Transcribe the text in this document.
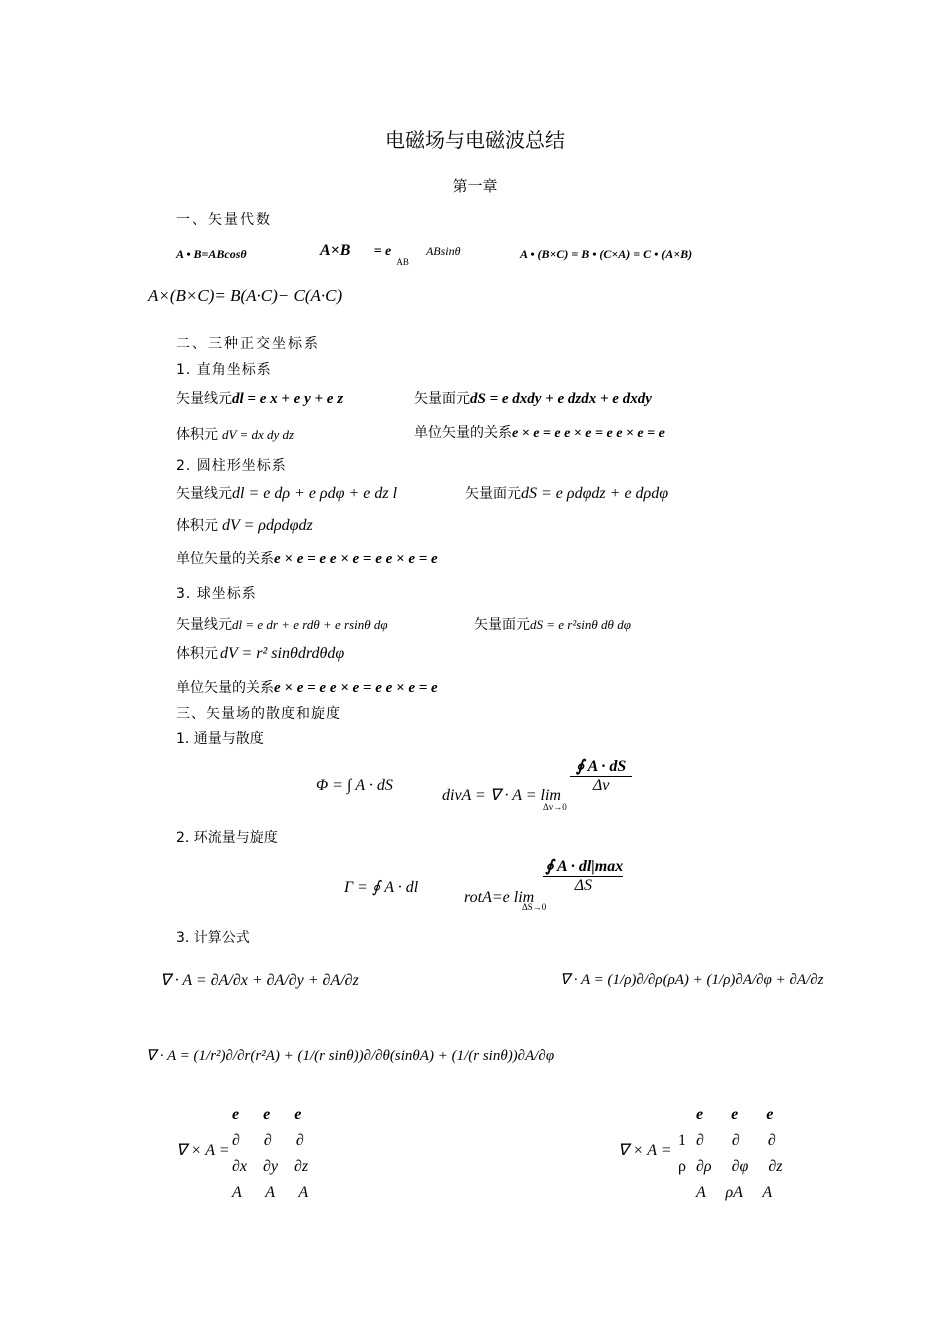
电磁场与电磁波总结
第一章
一、矢量代数
A • B=ABcosθ	A×B = e $_{AB}$ ABsinθ	A • (B×C) = B • (C×A) = C • (A×B)
A×(B×C)= B(A·C)− C(A·C)
二、三种正交坐标系
1. 直角坐标系
矢量线元dl = e x + e y + e z	矢量面元dS = e dxdy + e dzdx + e dxdy
体积元 dV = dx dy dz	单位矢量的关系e × e = e e × e = e e × e = e
2. 圆柱形坐标系
矢量线元dl = e dρ + e ρdφ + e dz l	矢量面元dS = e ρdφdz + e dρdφ
体积元 dV = ρdρdφdz
单位矢量的关系e × e = e e × e = e e × e = e
3. 球坐标系
矢量线元dl = e dr + e rdθ + e rsinθ dφ	矢量面元dS = e r²sinθ dθ dφ
体积元 dV = r² sinθdrdθdφ
单位矢量的关系e × e = e e × e = e e × e = e
三、矢量场的散度和旋度
1. 通量与散度
Φ = ∫ A · dS
divA = ∇ · A = lim
$\frac{∮ A \cdot dS}{\Delta v}$
Δv→0
2. 环流量与旋度
Γ = ∮ A · dl
rotA=e lim
$\frac{∮ A \cdot dl|\max}{\Delta S}$
ΔS→0
3. 计算公式
∇ · A = ∂A/∂x + ∂A/∂y + ∂A/∂z	∇ · A = (1/ρ)∂/∂ρ(ρA) + (1/ρ)∂A/∂φ + ∂A/∂z
∇ · A = (1/r²)∂/∂r(r²A) + (1/(r sinθ))∂/∂θ(sinθA) + (1/(r sinθ))∂A/∂φ
∇ × A =
e      e      e
∂      ∂      ∂
∂x    ∂y    ∂z
A      A      A
∇ × A =
1
ρ
e       e       e
∂       ∂       ∂
∂ρ     ∂φ     ∂z
A     ρA     A
